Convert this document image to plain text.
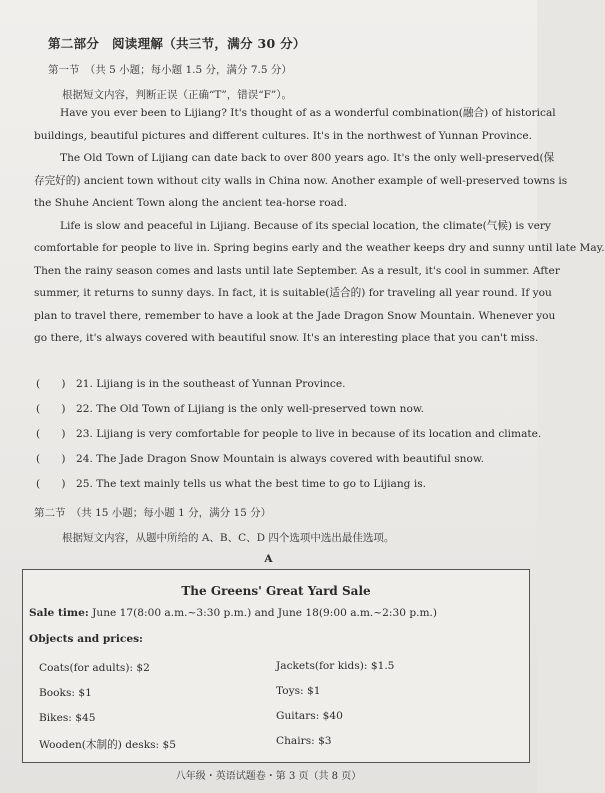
第二部分　阅读理解（共三节，满分 30 分）
第一节　（共 5 小题；每小题 1.5 分，满分 7.5 分）
根据短文内容，判断正误（正确“T”，错误“F”）。
Have you ever been to Lijiang? It's thought of as a wonderful combination(融合) of historical
buildings, beautiful pictures and different cultures. It's in the northwest of Yunnan Province.
The Old Town of Lijiang can date back to over 800 years ago. It's the only well-preserved(保
存完好的) ancient town without city walls in China now. Another example of well-preserved towns is
the Shuhe Ancient Town along the ancient tea-horse road.
Life is slow and peaceful in Lijiang. Because of its special location, the climate(气候) is very
comfortable for people to live in. Spring begins early and the weather keeps dry and sunny until late May.
Then the rainy season comes and lasts until late September. As a result, it's cool in summer. After
summer, it returns to sunny days. In fact, it is suitable(适合的) for traveling all year round. If you
plan to travel there, remember to have a look at the Jade Dragon Snow Mountain. Whenever you
go there, it's always covered with beautiful snow. It's an interesting place that you can't miss.
(　　) 21. Lijiang is in the southeast of Yunnan Province.
(　　) 22. The Old Town of Lijiang is the only well-preserved town now.
(　　) 23. Lijiang is very comfortable for people to live in because of its location and climate.
(　　) 24. The Jade Dragon Snow Mountain is always covered with beautiful snow.
(　　) 25. The text mainly tells us what the best time to go to Lijiang is.
第二节　（共 15 小题；每小题 1 分，满分 15 分）
根据短文内容，从题中所给的 A、B、C、D 四个选项中选出最佳选项。
A
The Greens' Great Yard Sale
Sale time: June 17(8:00 a.m.~3:30 p.m.) and June 18(9:00 a.m.~2:30 p.m.)
Objects and prices:
Coats(for adults): $2
Books: $1
Bikes: $45
Wooden(木制的) desks: $5
Jackets(for kids): $1.5
Toys: $1
Guitars: $40
Chairs: $3
八年级・英语试题卷・第 3 页（共 8 页）
